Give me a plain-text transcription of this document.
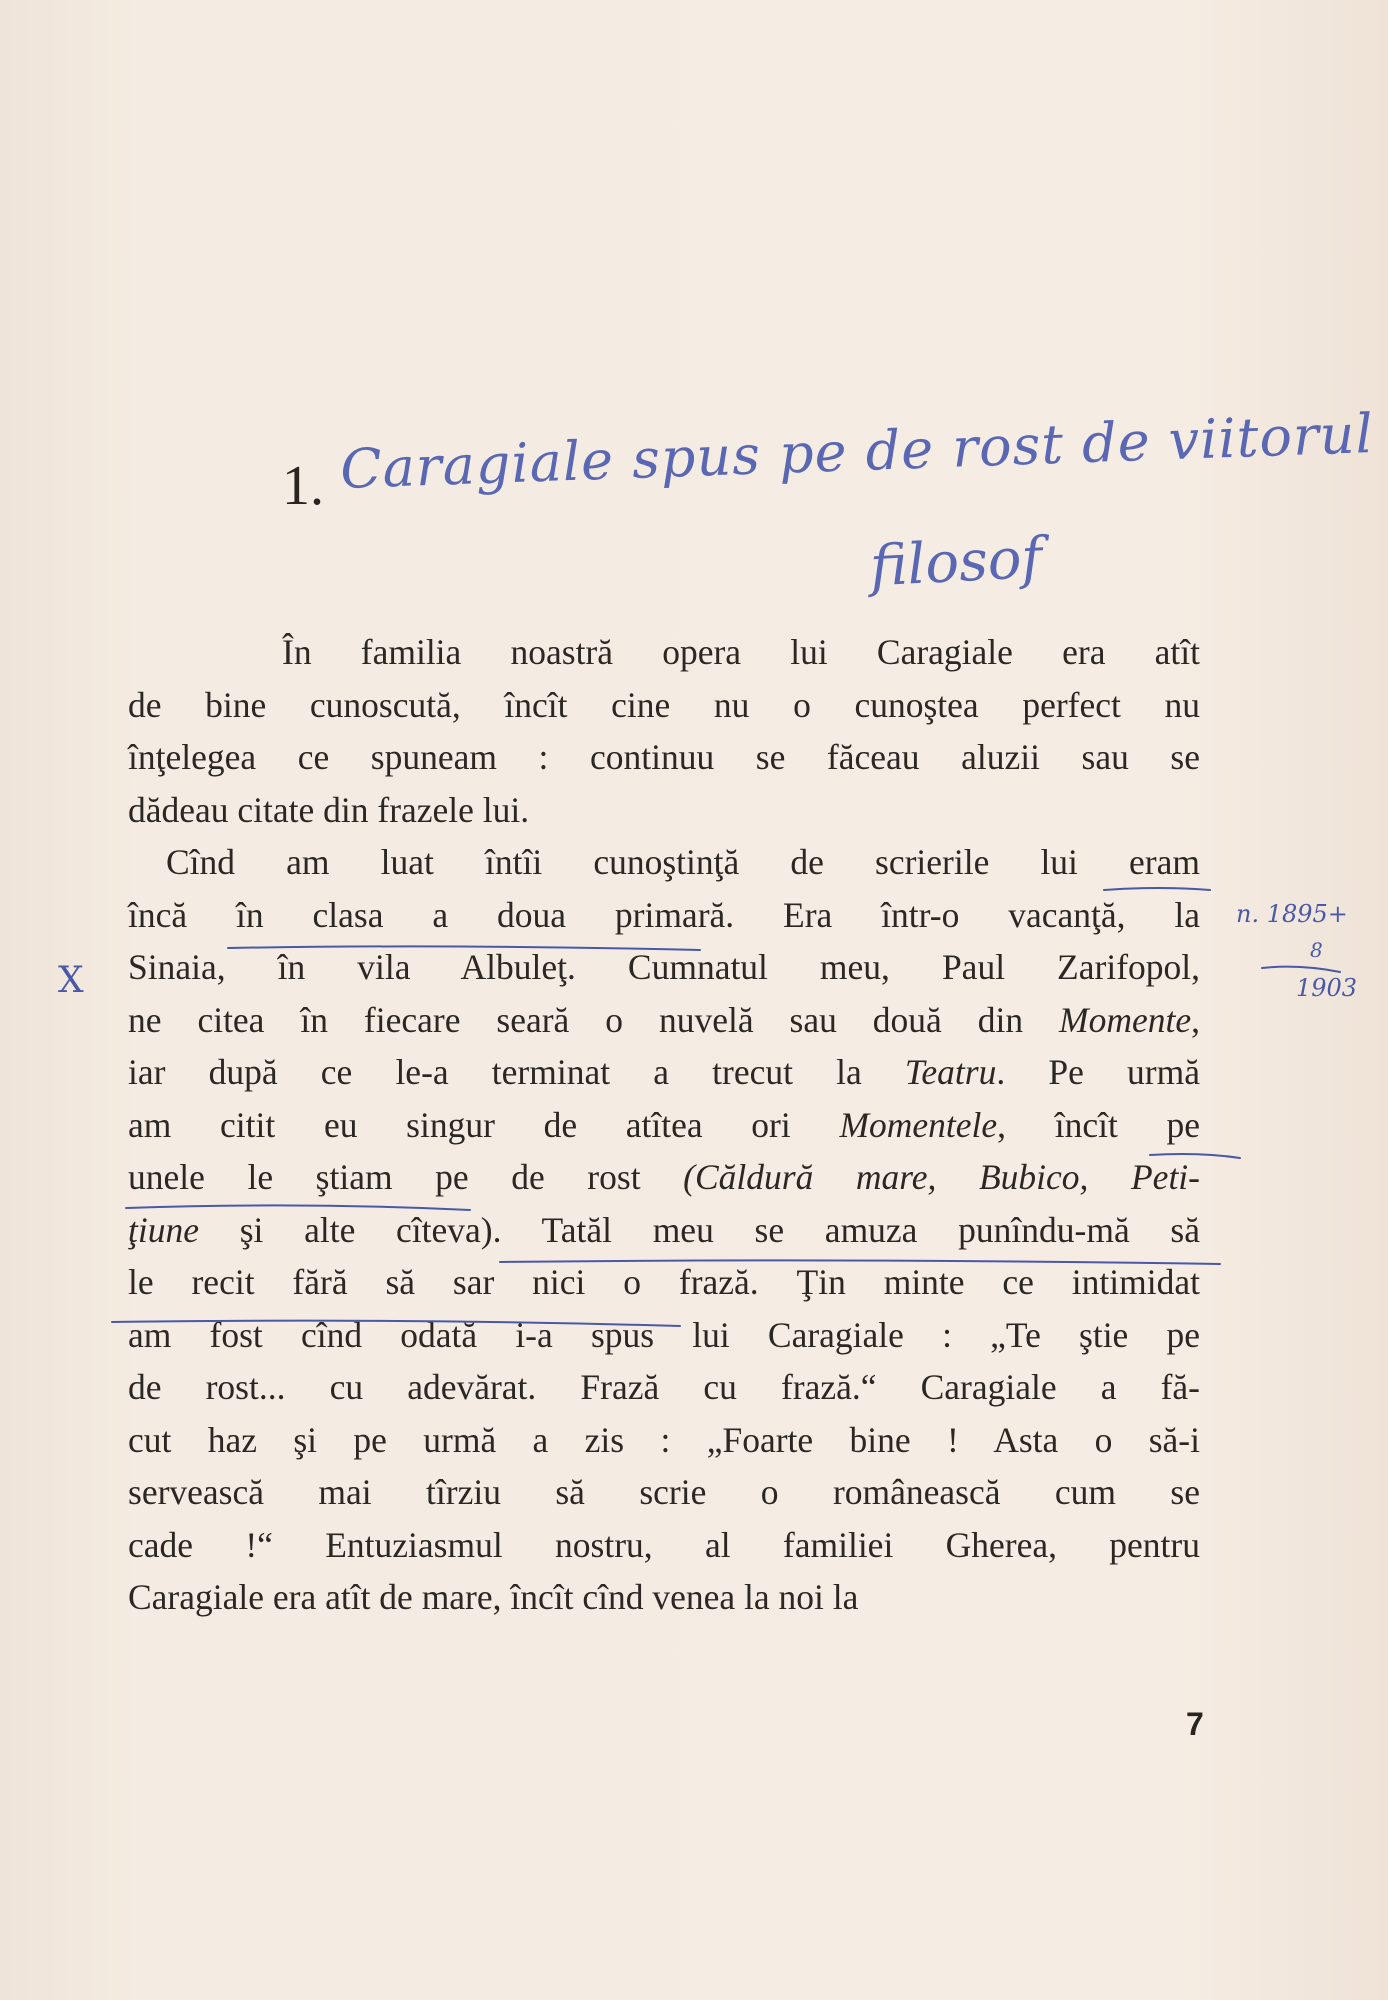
1. Caragiale spus pe de rost de viitorul
filosof
În familia noastră opera lui Caragiale era atît
de bine cunoscută, încît cine nu o cunoştea perfect nu
înţelegea ce spuneam : continuu se făceau aluzii sau se
dădeau citate din frazele lui.
Cînd am luat întîi cunoştinţă de scrierile lui eram
încă în clasa a doua primară. Era într-o vacanţă, la
Sinaia, în vila Albuleţ. Cumnatul meu, Paul Zarifopol,
ne citea în fiecare seară o nuvelă sau două din Momente,
iar după ce le-a terminat a trecut la Teatru. Pe urmă
am citit eu singur de atîtea ori Momentele, încît pe
unele le ştiam pe de rost (Căldură mare, Bubico, Peti-
ţiune şi alte cîteva). Tatăl meu se amuza punîndu-mă să
le recit fără să sar nici o frază. Ţin minte ce intimidat
am fost cînd odată i-a spus lui Caragiale : „Te ştie pe
de rost... cu adevărat. Frază cu frază.“ Caragiale a fă-
cut haz şi pe urmă a zis : „Foarte bine ! Asta o să-i
servească mai tîrziu să scrie o românească cum se
cade !“ Entuziasmul nostru, al familiei Gherea, pentru
Caragiale era atît de mare, încît cînd venea la noi la
n. 1895+
8
1903
X
7
